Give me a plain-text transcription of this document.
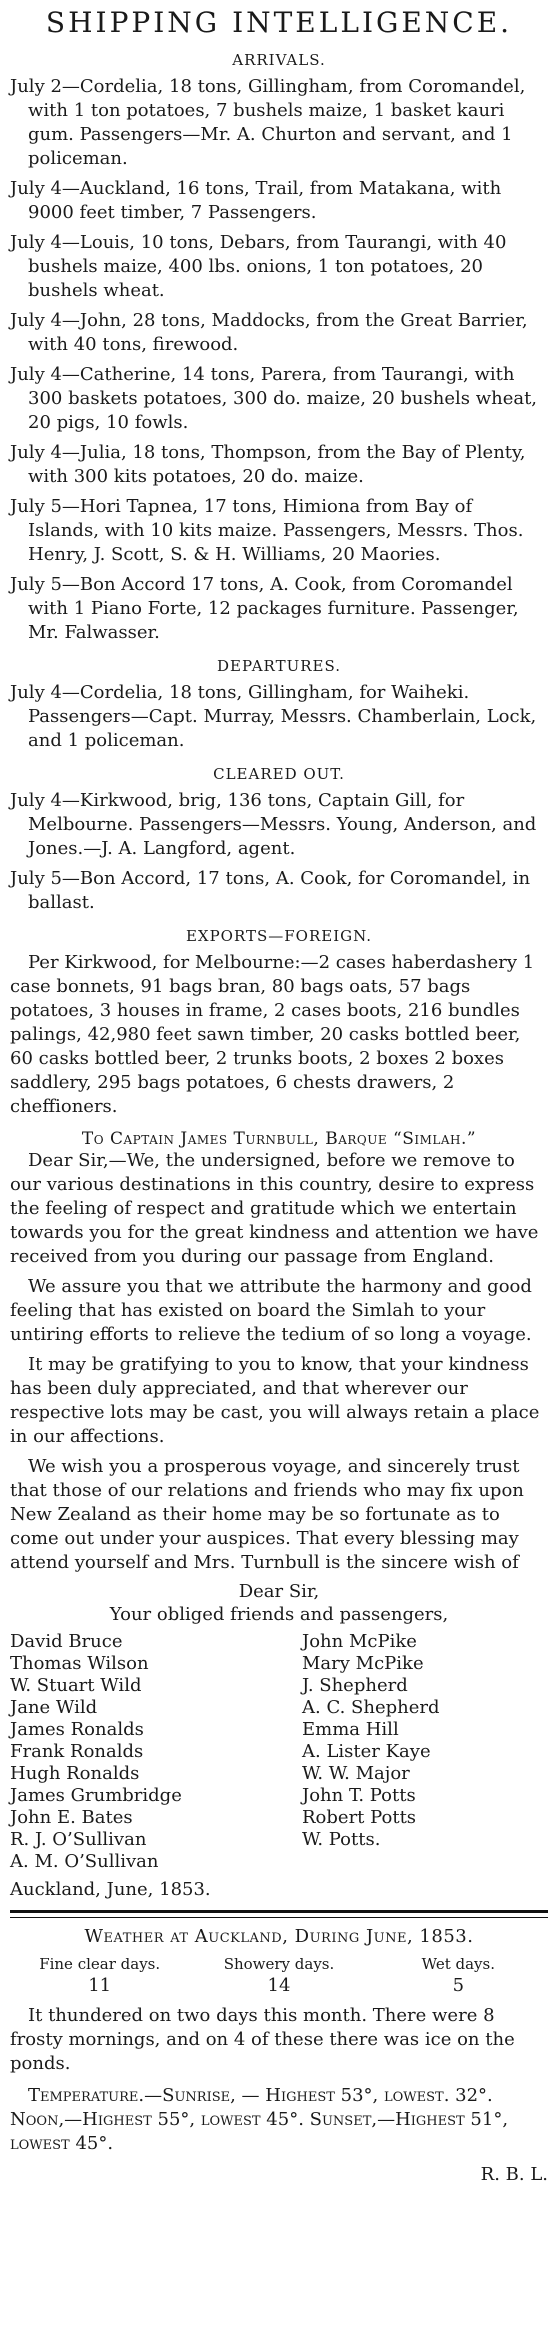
SHIPPING INTELLIGENCE.
ARRIVALS.

July 2—Cordelia, 18 tons, Gillingham, from Coromandel, with 1 ton potatoes, 7 bushels maize, 1 basket kauri gum. Passengers—Mr. A. Churton and servant, and 1 policeman.

July 4—Auckland, 16 tons, Trail, from Matakana, with 9000 feet timber, 7 Passengers.

July 4—Louis, 10 tons, Debars, from Taurangi, with 40 bushels maize, 400 lbs. onions, 1 ton potatoes, 20 bushels wheat.

July 4—John, 28 tons, Maddocks, from the Great Barrier, with 40 tons, firewood.

July 4—Catherine, 14 tons, Parera, from Taurangi, with 300 baskets potatoes, 300 do. maize, 20 bushels wheat, 20 pigs, 10 fowls.

July 4—Julia, 18 tons, Thompson, from the Bay of Plenty, with 300 kits potatoes, 20 do. maize.

July 5—Hori Tapnea, 17 tons, Himiona from Bay of Islands, with 10 kits maize. Passengers, Messrs. Thos. Henry, J. Scott, S. & H. Williams, 20 Maories.

July 5—Bon Accord 17 tons, A. Cook, from Coromandel with 1 Piano Forte, 12 packages furniture. Passenger, Mr. Falwasser.

DEPARTURES.

July 4—Cordelia, 18 tons, Gillingham, for Waiheki. Passengers—Capt. Murray, Messrs. Chamberlain, Lock, and 1 policeman.

CLEARED OUT.

July 4—Kirkwood, brig, 136 tons, Captain Gill, for Melbourne. Passengers—Messrs. Young, Anderson, and Jones.—J. A. Langford, agent.

July 5—Bon Accord, 17 tons, A. Cook, for Coromandel, in ballast.

EXPORTS—FOREIGN.

Per Kirkwood, for Melbourne:—2 cases haberdashery 1 case bonnets, 91 bags bran, 80 bags oats, 57 bags potatoes, 3 houses in frame, 2 cases boots, 216 bundles palings, 42,980 feet sawn timber, 20 casks bottled beer, 60 casks bottled beer, 2 trunks boots, 2 boxes 2 boxes saddlery, 295 bags potatoes, 6 chests drawers, 2 cheffioners.

To Captain James Turnbull, Barque “Simlah.”

Dear Sir,—We, the undersigned, before we remove to our various destinations in this country, desire to express the feeling of respect and gratitude which we entertain towards you for the great kindness and attention we have received from you during our passage from England.

We assure you that we attribute the harmony and good feeling that has existed on board the Simlah to your untiring efforts to relieve the tedium of so long a voyage.

It may be gratifying to you to know, that your kindness has been duly appreciated, and that wherever our respective lots may be cast, you will always retain a place in our affections.

We wish you a prosperous voyage, and sincerely trust that those of our relations and friends who may fix upon New Zealand as their home may be so fortunate as to come out under your auspices. That every blessing may attend yourself and Mrs. Turnbull is the sincere wish of

Dear Sir,
Your obliged friends and passengers,
David Bruce
Thomas Wilson
W. Stuart Wild
Jane Wild
James Ronalds
Frank Ronalds
Hugh Ronalds
James Grumbridge
John E. Bates
R. J. O’Sullivan
A. M. O’Sullivan
John McPike
Mary McPike
J. Shepherd
A. C. Shepherd
Emma Hill
A. Lister Kaye
W. W. Major
John T. Potts
Robert Potts
W. Potts.
Auckland, June, 1853.
Weather at Auckland, During June, 1853.
Fine clear days.
11
Showery days.
14
Wet days.
5

It thundered on two days this month. There were 8 frosty mornings, and on 4 of these there was ice on the ponds.

Temperature.—Sunrise, — Highest 53°, lowest. 32°. Noon,—Highest 55°, lowest 45°. Sunset,—Highest 51°, lowest 45°.

R. B. L.
